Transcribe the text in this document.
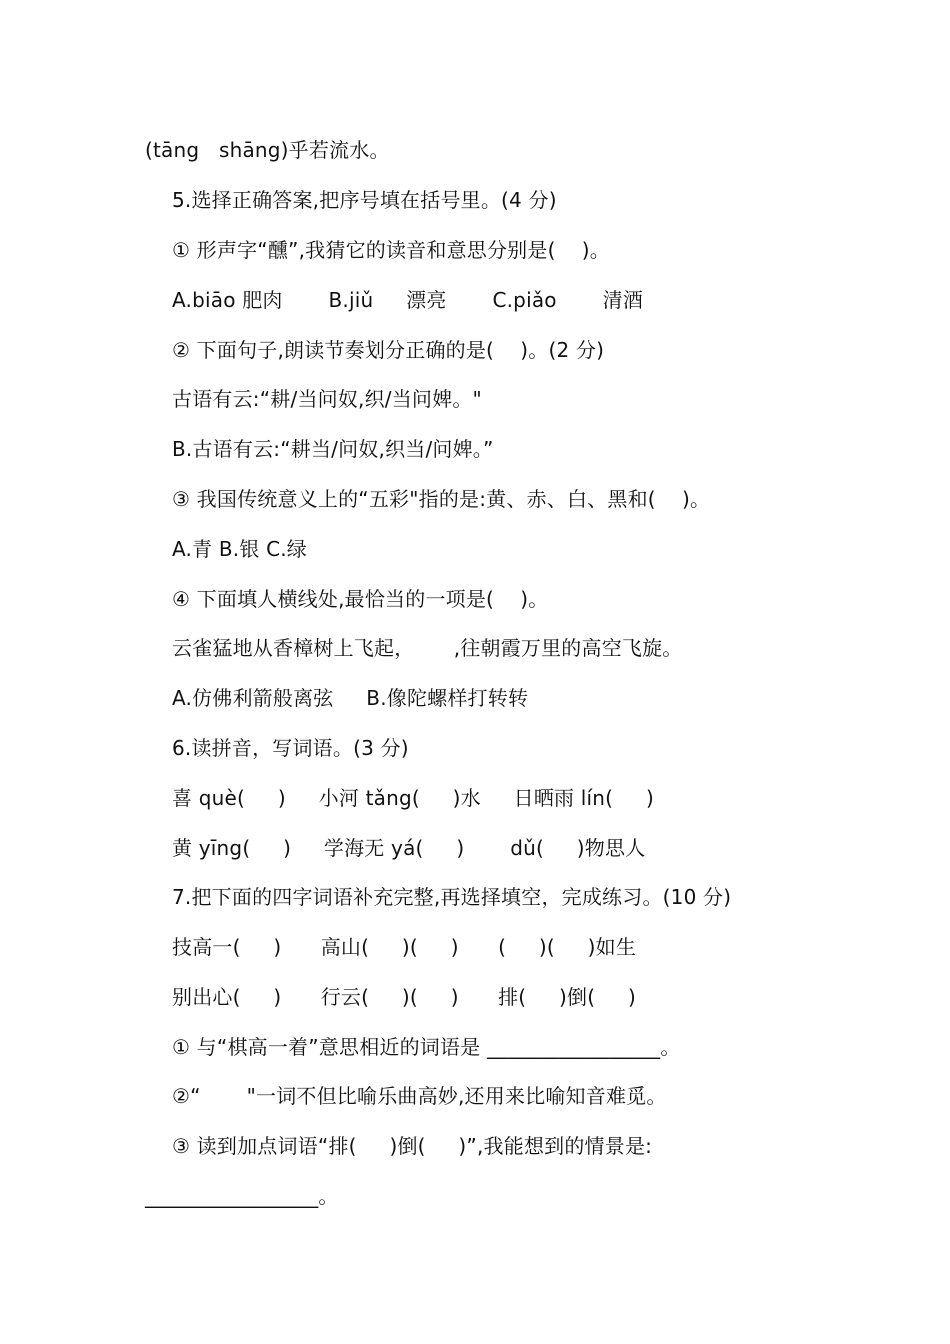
(tāng   shāng)乎若流水。
5.选择正确答案,把序号填在括号里。(4 分)
① 形声字“醺”,我猜它的读音和意思分别是(    )。
A.biāo 肥肉       B.jiǔ     漂亮       C.piǎo       清酒
② 下面句子,朗读节奏划分正确的是(    )。(2 分)
古语有云:“耕/当问奴,织/当问婢。"
B.古语有云:“耕当/问奴,织当/问婢。”
③ 我国传统意义上的“五彩"指的是:黄、赤、白、黑和(    )。
A.青 B.银 C.绿
④ 下面填人横线处,最恰当的一项是(    )。
云雀猛地从香樟树上飞起，      ,往朝霞万里的高空飞旋。
A.仿佛利箭般离弦     B.像陀螺样打转转
6.读拼音，写词语。(3 分)
喜 què(     )     小河 tǎng(     )水     日晒雨 lín(     )
黄 yīng(     )     学海无 yá(     )       dǔ(     )物思人
7.把下面的四字词语补充完整,再选择填空，完成练习。(10 分)
技高一(     )      高山(     )(     )      (     )(     )如生
别出心(     )      行云(     )(     )      排(     )倒(     )
① 与“棋高一着”意思相近的词语是 _________________。
②“       "一词不但比喻乐曲高妙,还用来比喻知音难觅。
③ 读到加点词语“排(     )倒(     )”,我能想到的情景是:
_________________。
